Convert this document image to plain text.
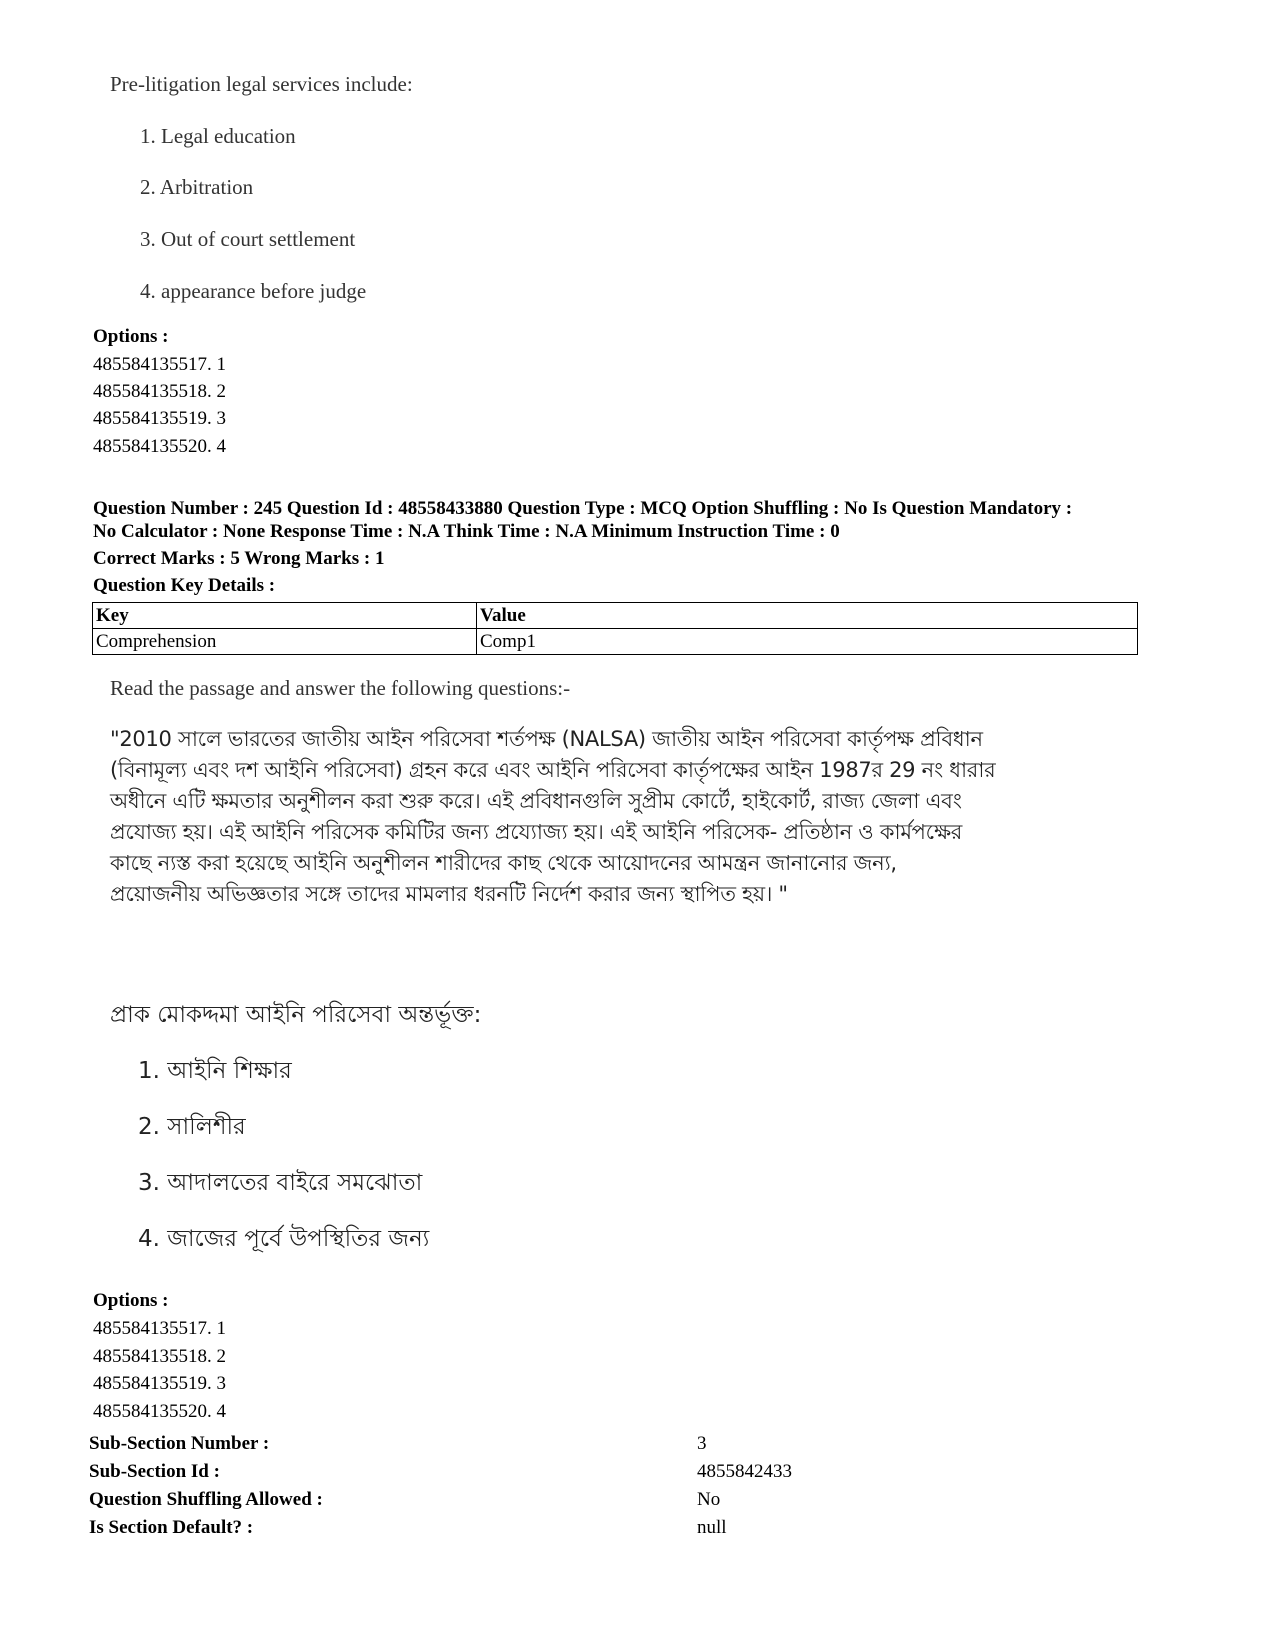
Pre-litigation legal services include:
1. Legal education
2. Arbitration
3. Out of court settlement
4. appearance before judge
Options :
485584135517. 1
485584135518. 2
485584135519. 3
485584135520. 4
Question Number : 245 Question Id : 48558433880 Question Type : MCQ Option Shuffling : No Is Question Mandatory :
No Calculator : None Response Time : N.A Think Time : N.A Minimum Instruction Time : 0
Correct Marks : 5 Wrong Marks : 1
Question Key Details :
Key	Value
Comprehension	Comp1
Read the passage and answer the following questions:-
"2010 সালে ভারতের জাতীয় আইন পরিসেবা শর্তপক্ষ (NALSA) জাতীয় আইন পরিসেবা কার্তৃপক্ষ প্রবিধান
(বিনামূল্য এবং দশ আইনি পরিসেবা) গ্রহন করে এবং আইনি পরিসেবা কার্তৃপক্ষের আইন 1987র 29 নং ধারার
অধীনে এটি ক্ষমতার অনুশীলন করা শুরু করে। এই প্রবিধানগুলি সুপ্রীম কোর্টে, হাইকোর্ট, রাজ্য জেলা এবং
প্রযোজ্য হয়। এই আইনি পরিসেক কমিটির জন্য প্রয্যোজ্য হয়। এই আইনি পরিসেক- প্রতিষ্ঠান ও কার্মপক্ষের
কাছে ন্যস্ত করা হয়েছে আইনি অনুশীলন শারীদের কাছ থেকে আয়োদনের আমন্ত্রন জানানোর জন্য,
প্রয়োজনীয় অভিজ্ঞতার সঙ্গে তাদের মামলার ধরনটি নির্দেশ করার জন্য স্থাপিত হয়। "
প্রাক মোকদ্দমা আইনি পরিসেবা অন্তর্ভূক্ত:
1. আইনি শিক্ষার
2. সালিশীর
3. আদালতের বাইরে সমঝোতা
4. জাজের পূর্বে উপস্থিতির জন্য
Options :
485584135517. 1
485584135518. 2
485584135519. 3
485584135520. 4
Sub-Section Number :	3
Sub-Section Id :	4855842433
Question Shuffling Allowed :	No
Is Section Default? :	null
